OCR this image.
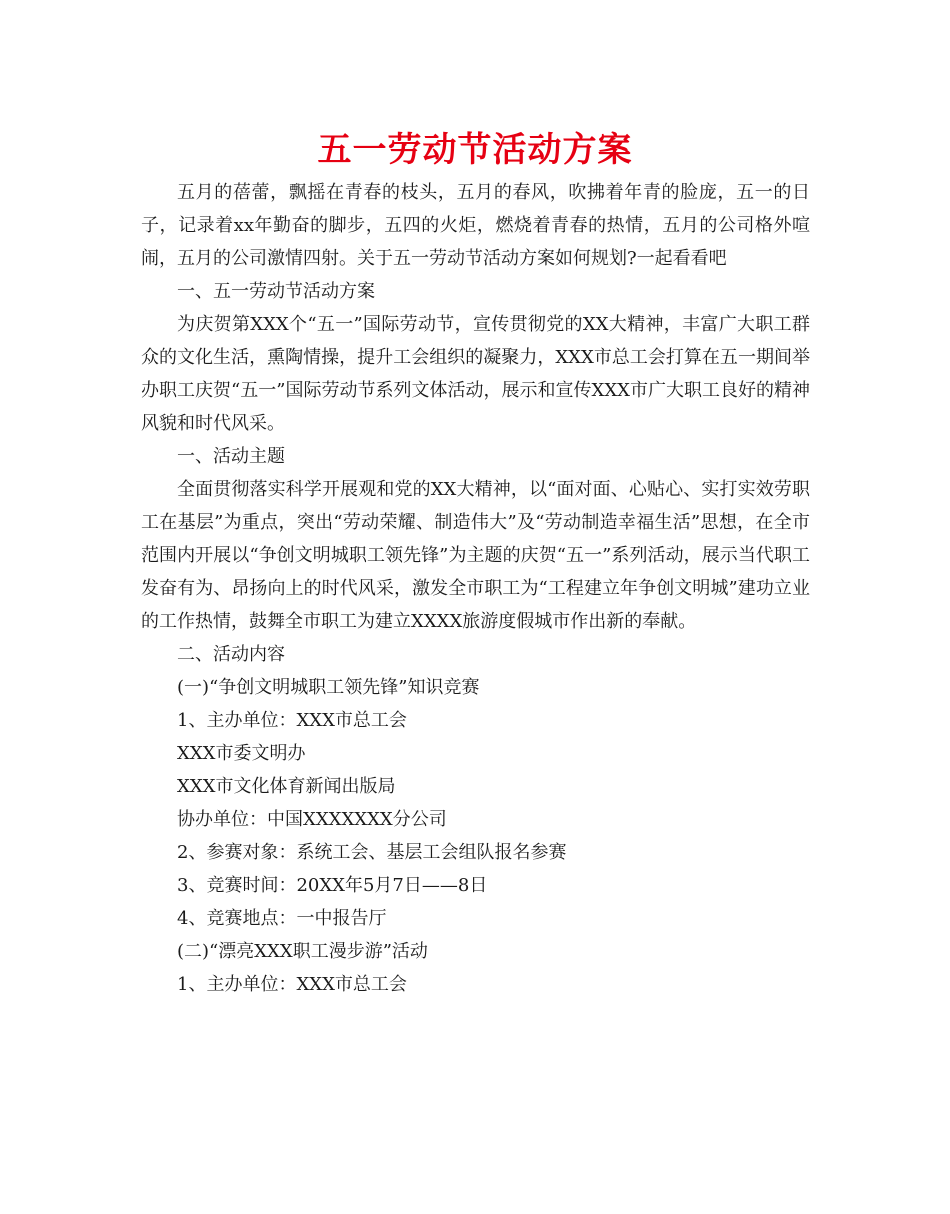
五一劳动节活动方案

五月的蓓蕾，飘摇在青春的枝头，五月的春风，吹拂着年青的脸庞，五一的日子，记录着xx年勤奋的脚步，五四的火炬，燃烧着青春的热情，五月的公司格外喧闹，五月的公司激情四射。关于五一劳动节活动方案如何规划?一起看看吧

一、五一劳动节活动方案

为庆贺第XXX个“五一”国际劳动节，宣传贯彻党的XX大精神，丰富广大职工群众的文化生活，熏陶情操，提升工会组织的凝聚力，XXX市总工会打算在五一期间举办职工庆贺“五一”国际劳动节系列文体活动，展示和宣传XXX市广大职工良好的精神风貌和时代风采。

一、活动主题

全面贯彻落实科学开展观和党的XX大精神，以“面对面、心贴心、实打实效劳职工在基层”为重点，突出“劳动荣耀、制造伟大”及“劳动制造幸福生活”思想，在全市范围内开展以“争创文明城职工领先锋”为主题的庆贺“五一”系列活动，展示当代职工发奋有为、昂扬向上的时代风采，激发全市职工为“工程建立年争创文明城”建功立业的工作热情，鼓舞全市职工为建立XXXX旅游度假城市作出新的奉献。

二、活动内容

(一)“争创文明城职工领先锋”知识竞赛

1、主办单位：XXX市总工会

XXX市委文明办

XXX市文化体育新闻出版局

协办单位：中国XXXXXXX分公司

2、参赛对象：系统工会、基层工会组队报名参赛

3、竞赛时间：20XX年5月7日——8日

4、竞赛地点：一中报告厅

(二)“漂亮XXX职工漫步游”活动

1、主办单位：XXX市总工会
